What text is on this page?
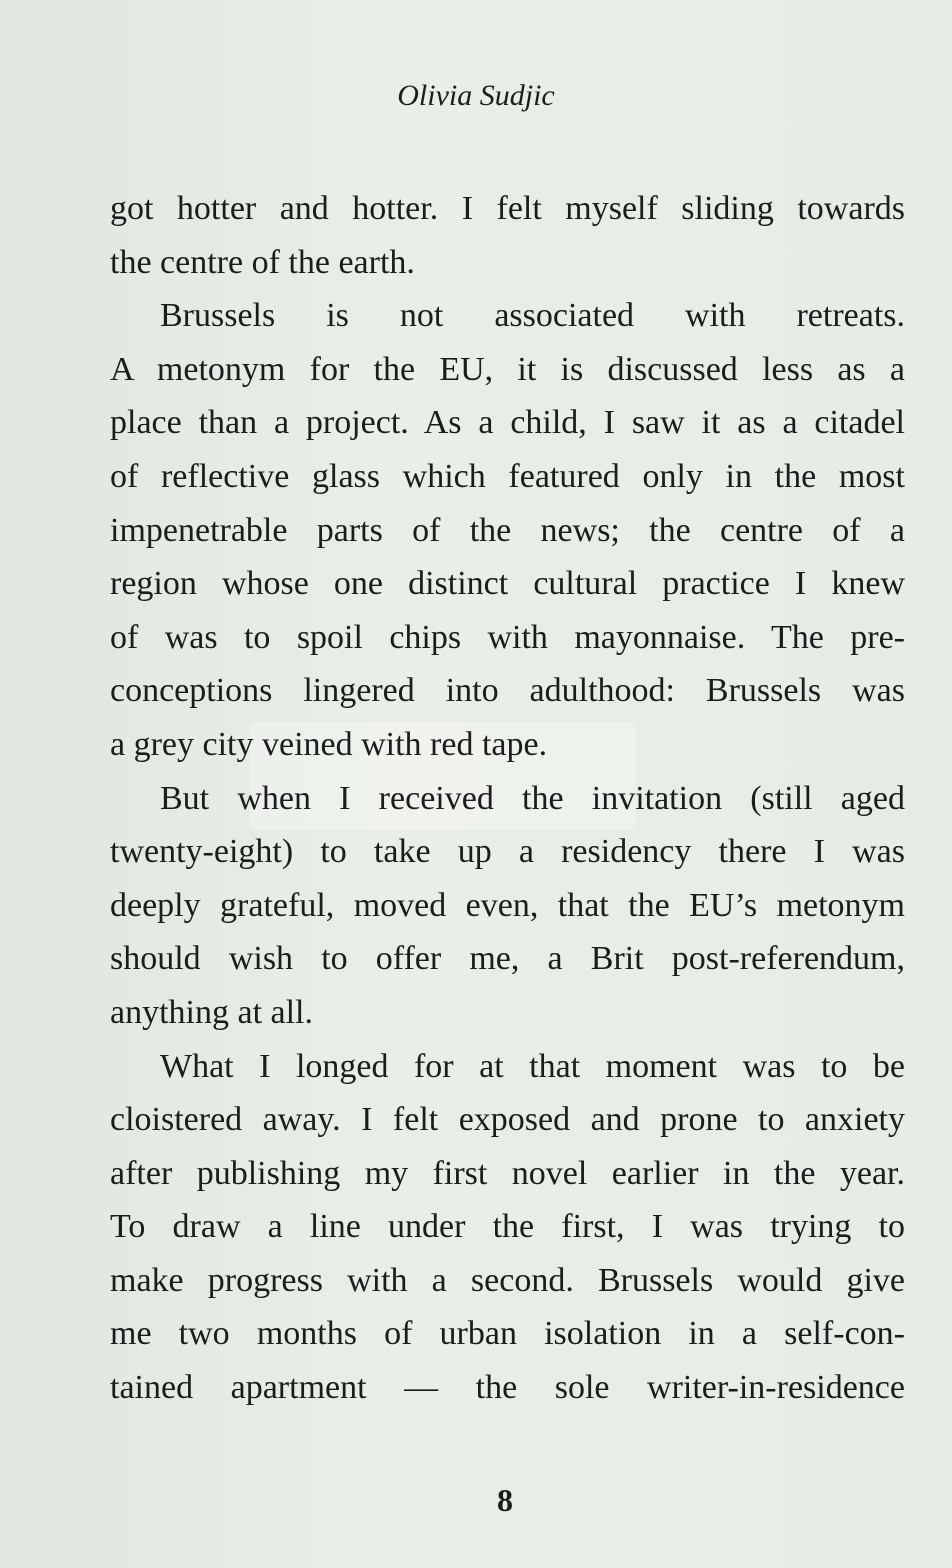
Olivia Sudjic
got hotter and hotter. I felt myself sliding towards
the centre of the earth.
Brussels is not associated with retreats.
A metonym for the EU, it is discussed less as a
place than a project. As a child, I saw it as a citadel
of reflective glass which featured only in the most
impenetrable parts of the news; the centre of a
region whose one distinct cultural practice I knew
of was to spoil chips with mayonnaise. The pre-
conceptions lingered into adulthood: Brussels was
a grey city veined with red tape.
But when I received the invitation (still aged
twenty-eight) to take up a residency there I was
deeply grateful, moved even, that the EU’s metonym
should wish to offer me, a Brit post-referendum,
anything at all.
What I longed for at that moment was to be
cloistered away. I felt exposed and prone to anxiety
after publishing my first novel earlier in the year.
To draw a line under the first, I was trying to
make progress with a second. Brussels would give
me two months of urban isolation in a self-con-
tained apartment — the sole writer-in-residence
8
